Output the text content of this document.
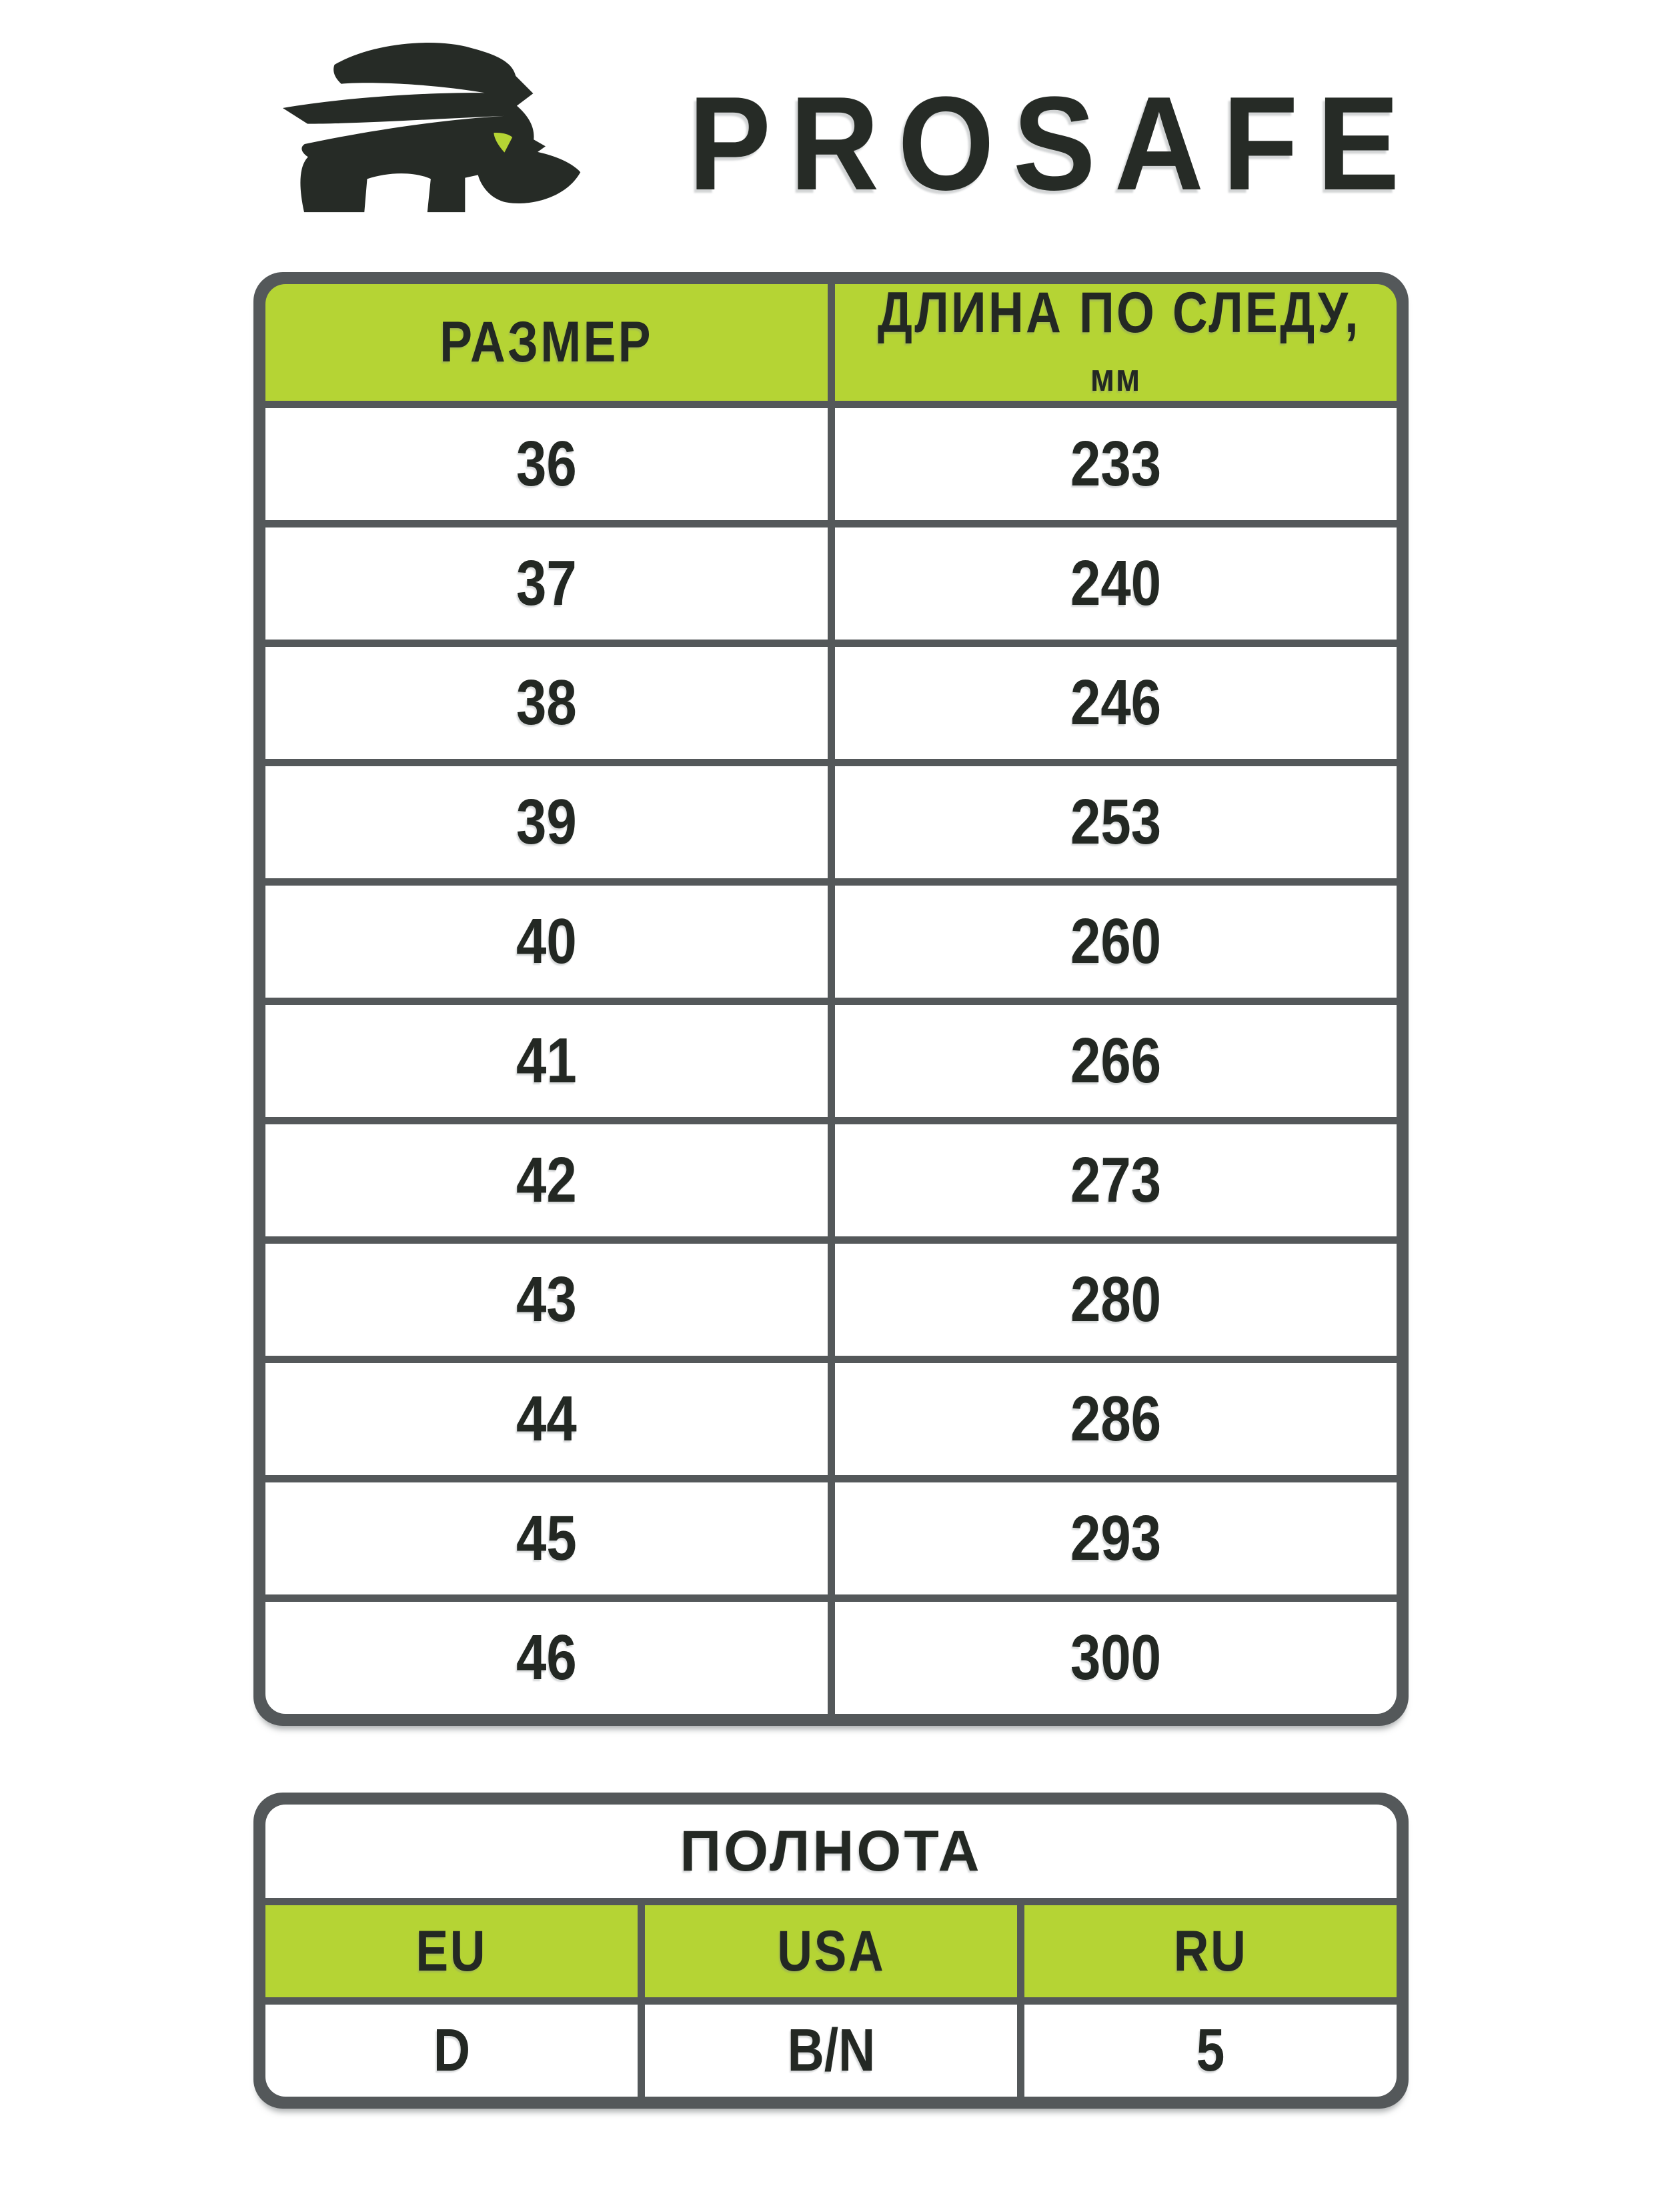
PROSAFE
РАЗМЕР	ДЛИНА ПО СЛЕДУ,
мм

36	233
37	240
38	246
39	253
40	260
41	266
42	273
43	280
44	286
45	293
46	300
ПОЛНОТА		
EU	USA	RU
D	B/N	5
